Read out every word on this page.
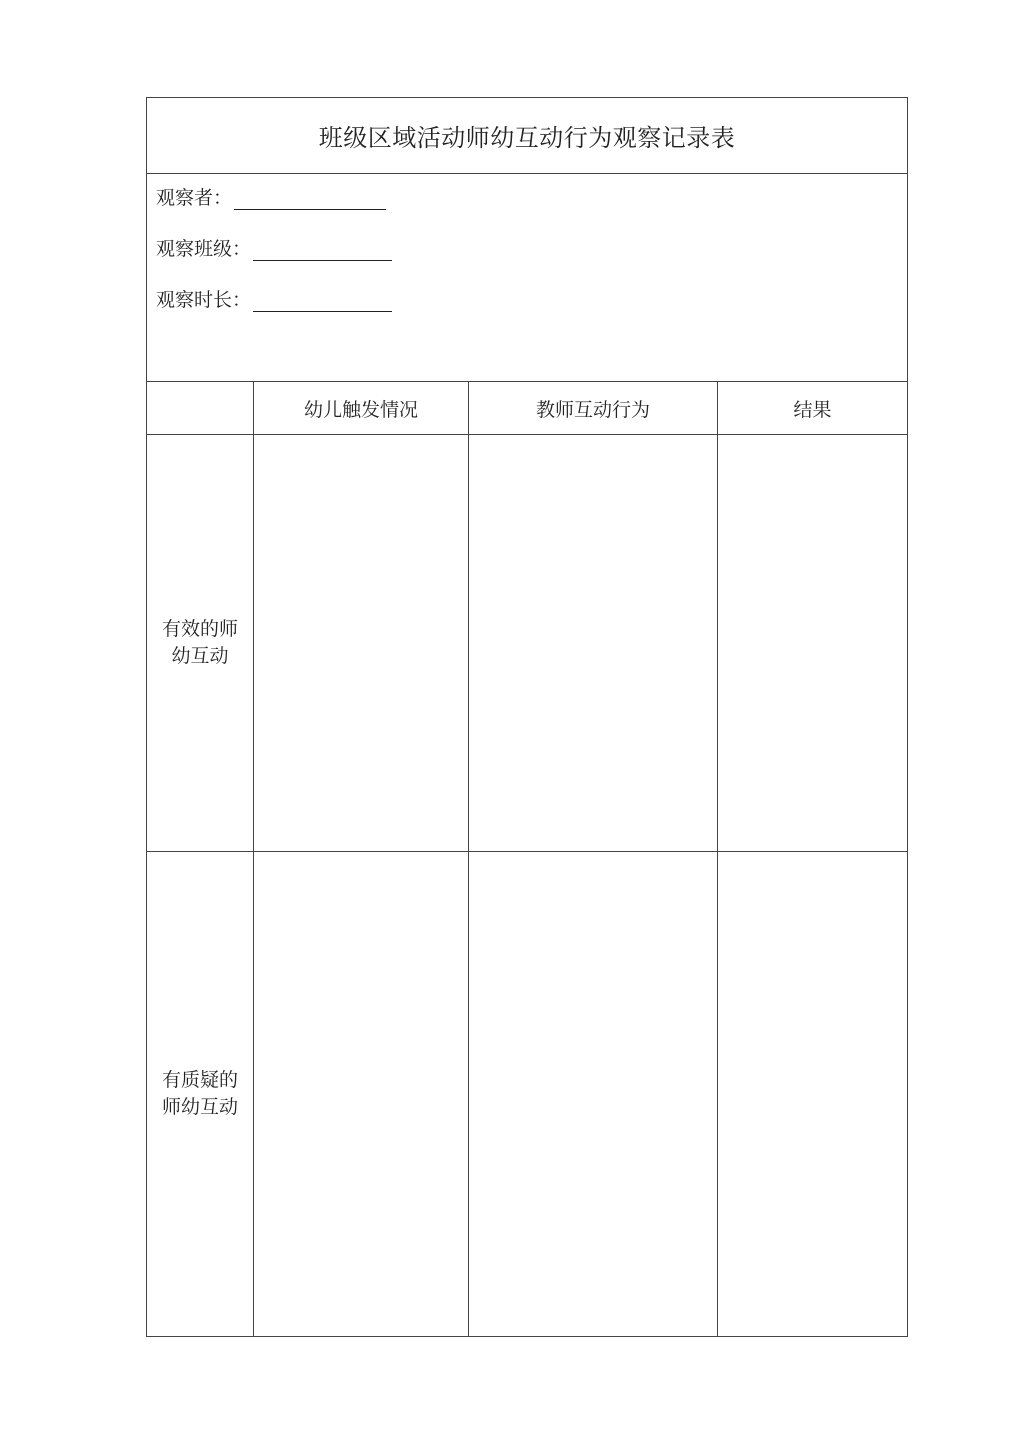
班级区域活动师幼互动行为观察记录表
观察者：
观察班级：
观察时长：
幼儿触发情况	教师互动行为	结果
有效的师幼互动
有质疑的师幼互动
